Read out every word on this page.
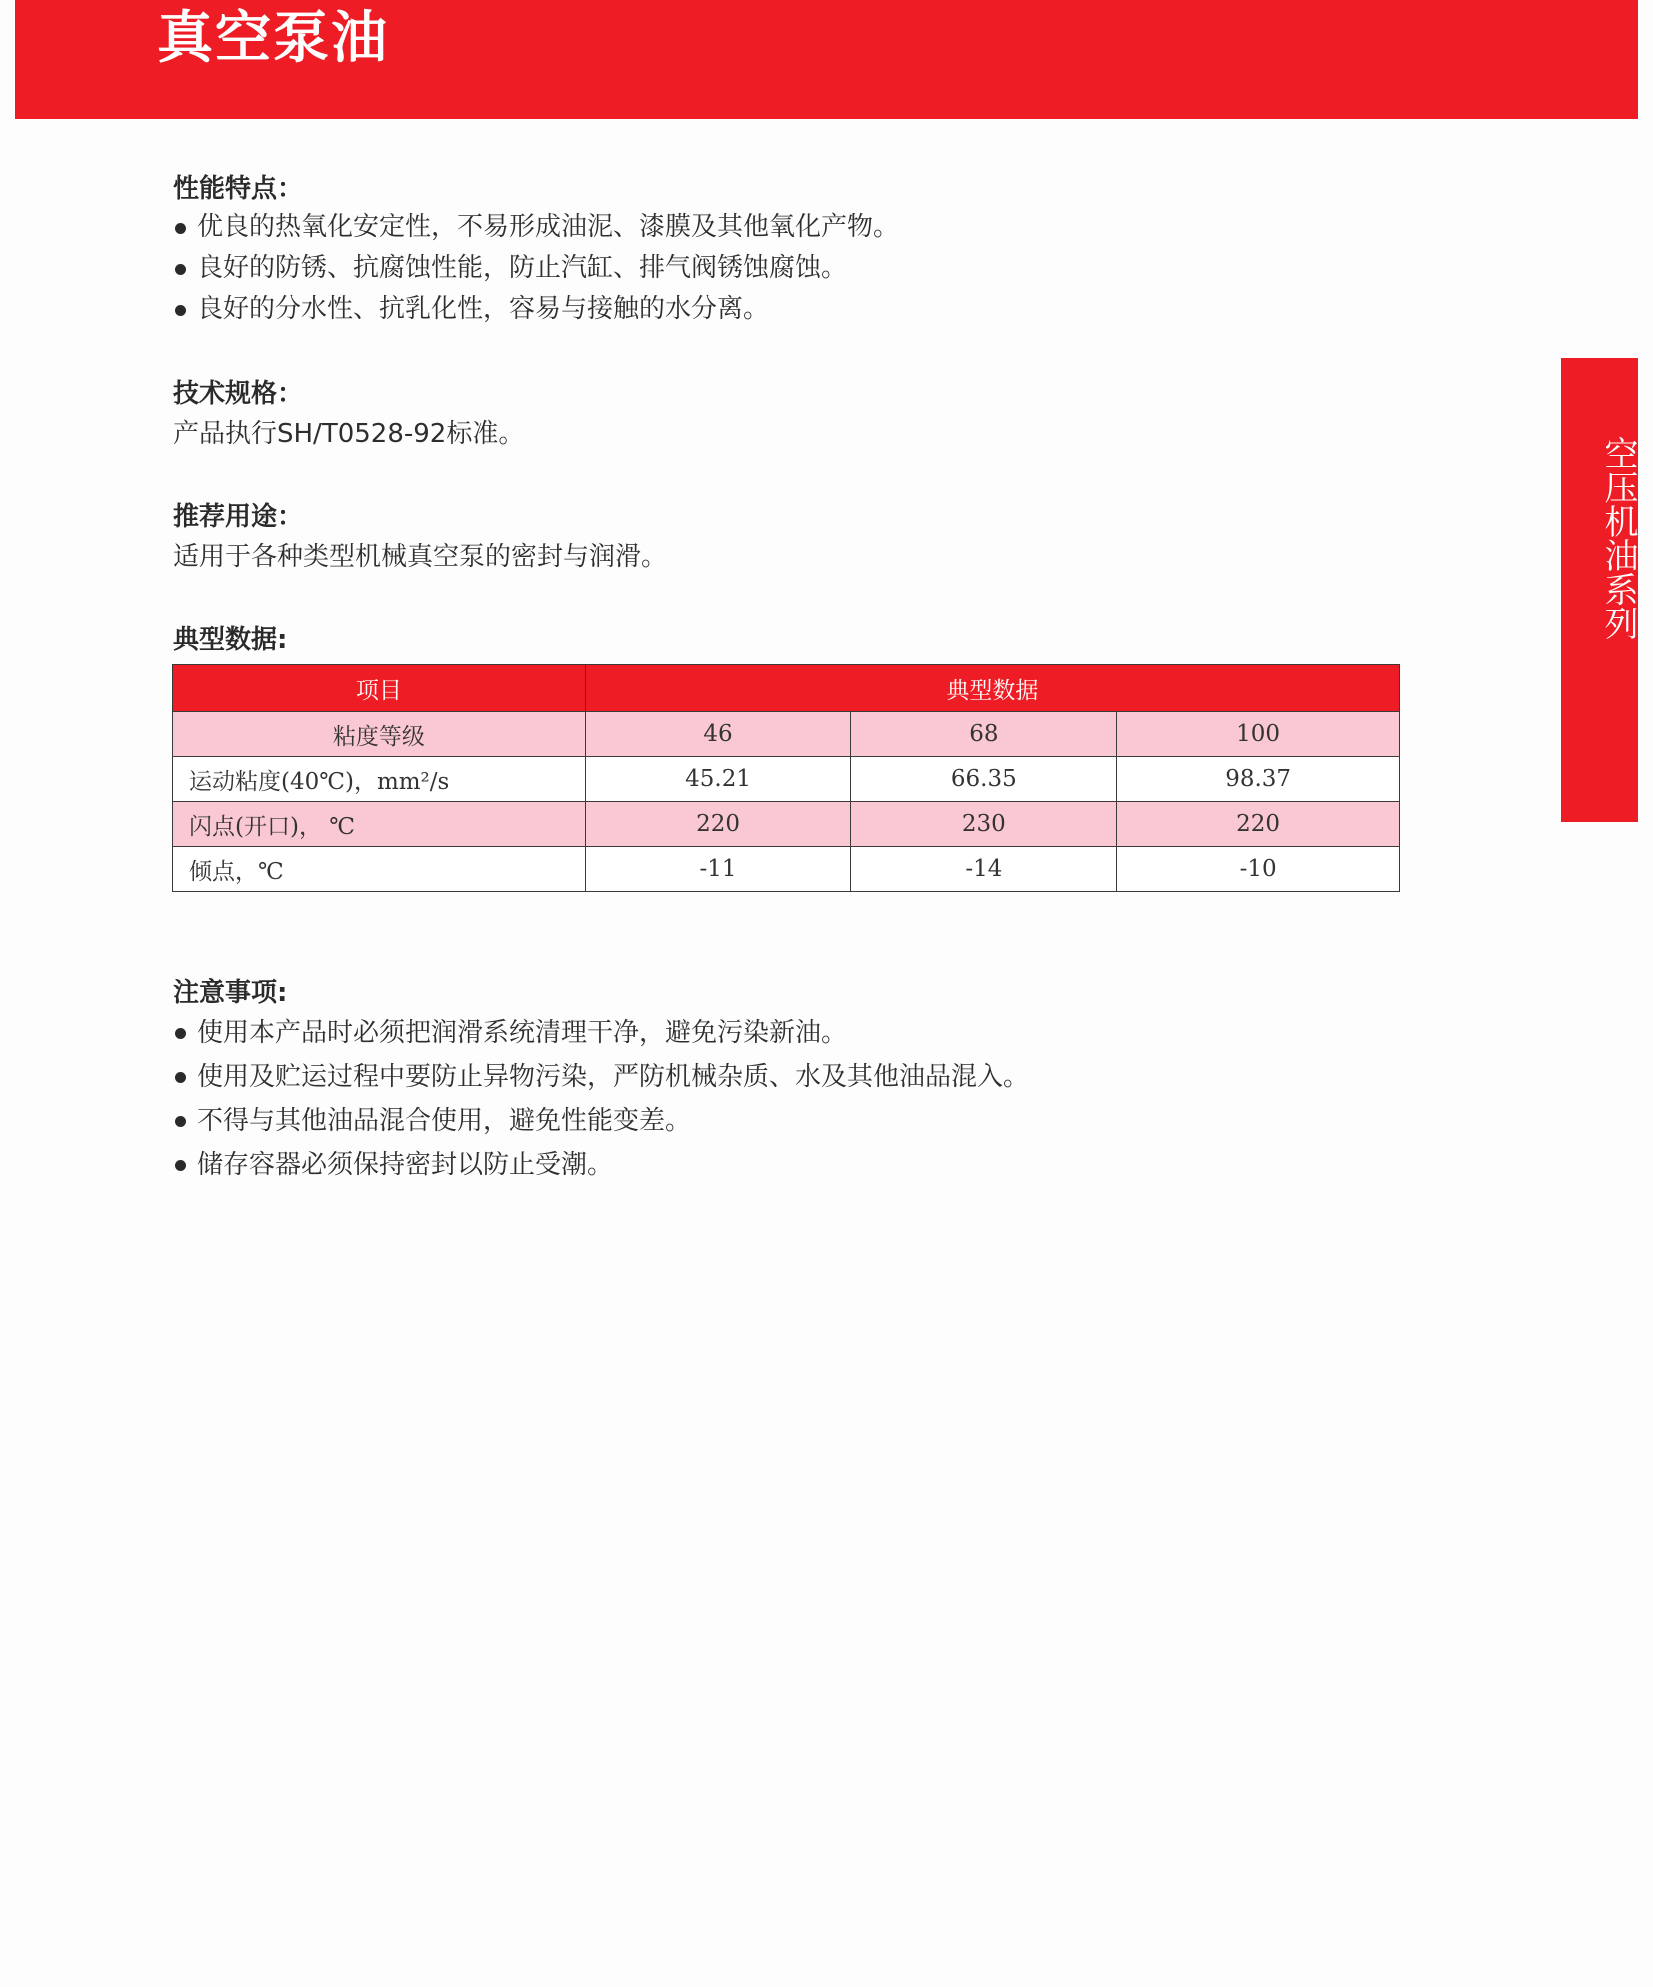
真空泵油
空压机油系列
性能特点：
优良的热氧化安定性，不易形成油泥、漆膜及其他氧化产物。
良好的防锈、抗腐蚀性能，防止汽缸、排气阀锈蚀腐蚀。
良好的分水性、抗乳化性，容易与接触的水分离。
技术规格：

产品执行SH/T0528-92标准。

推荐用途：

适用于各种类型机械真空泵的密封与润滑。

典型数据:
项目	典型数据		
粘度等级	46	68	100
运动粘度(40℃)，mm²/s	45.21	66.35	98.37
闪点(开口)， ℃	220	230	220
倾点，℃	-11	-14	-10
注意事项:
使用本产品时必须把润滑系统清理干净，避免污染新油。
使用及贮运过程中要防止异物污染，严防机械杂质、水及其他油品混入。
不得与其他油品混合使用，避免性能变差。
储存容器必须保持密封以防止受潮。
